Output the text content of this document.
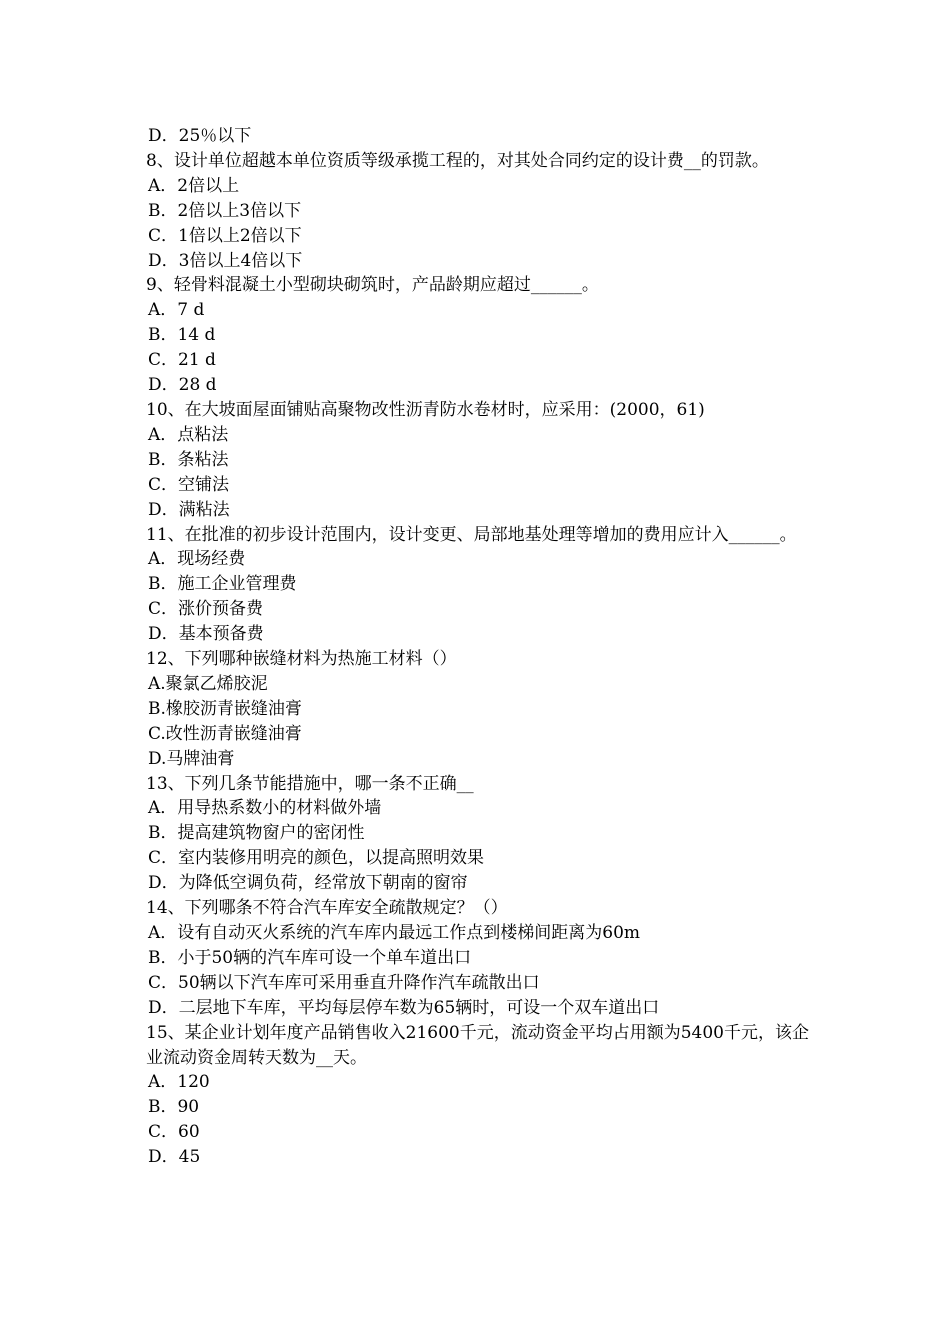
D．25％以下
8、设计单位超越本单位资质等级承揽工程的，对其处合同约定的设计费__的罚款。
A．2倍以上
B．2倍以上3倍以下
C．1倍以上2倍以下
D．3倍以上4倍以下
9、轻骨料混凝土小型砌块砌筑时，产品龄期应超过______。
A．7 d
B．14 d
C．21 d
D．28 d
10、在大坡面屋面铺贴高聚物改性沥青防水卷材时，应采用：(2000，61)
A．点粘法
B．条粘法
C．空铺法
D．满粘法
11、在批准的初步设计范围内，设计变更、局部地基处理等增加的费用应计入______。
A．现场经费
B．施工企业管理费
C．涨价预备费
D．基本预备费
12、下列哪种嵌缝材料为热施工材料（）
A.聚氯乙烯胶泥
B.橡胶沥青嵌缝油膏
C.改性沥青嵌缝油膏
D.马牌油膏
13、下列几条节能措施中，哪一条不正确__
A．用导热系数小的材料做外墙
B．提高建筑物窗户的密闭性
C．室内装修用明亮的颜色，以提高照明效果
D．为降低空调负荷，经常放下朝南的窗帘
14、下列哪条不符合汽车库安全疏散规定？（）
A．设有自动灭火系统的汽车库内最远工作点到楼梯间距离为60m
B．小于50辆的汽车库可设一个单车道出口
C．50辆以下汽车库可采用垂直升降作汽车疏散出口
D．二层地下车库，平均每层停车数为65辆时，可设一个双车道出口
15、某企业计划年度产品销售收入21600千元，流动资金平均占用额为5400千元，该企业流动资金周转天数为__天。
A．120
B．90
C．60
D．45
